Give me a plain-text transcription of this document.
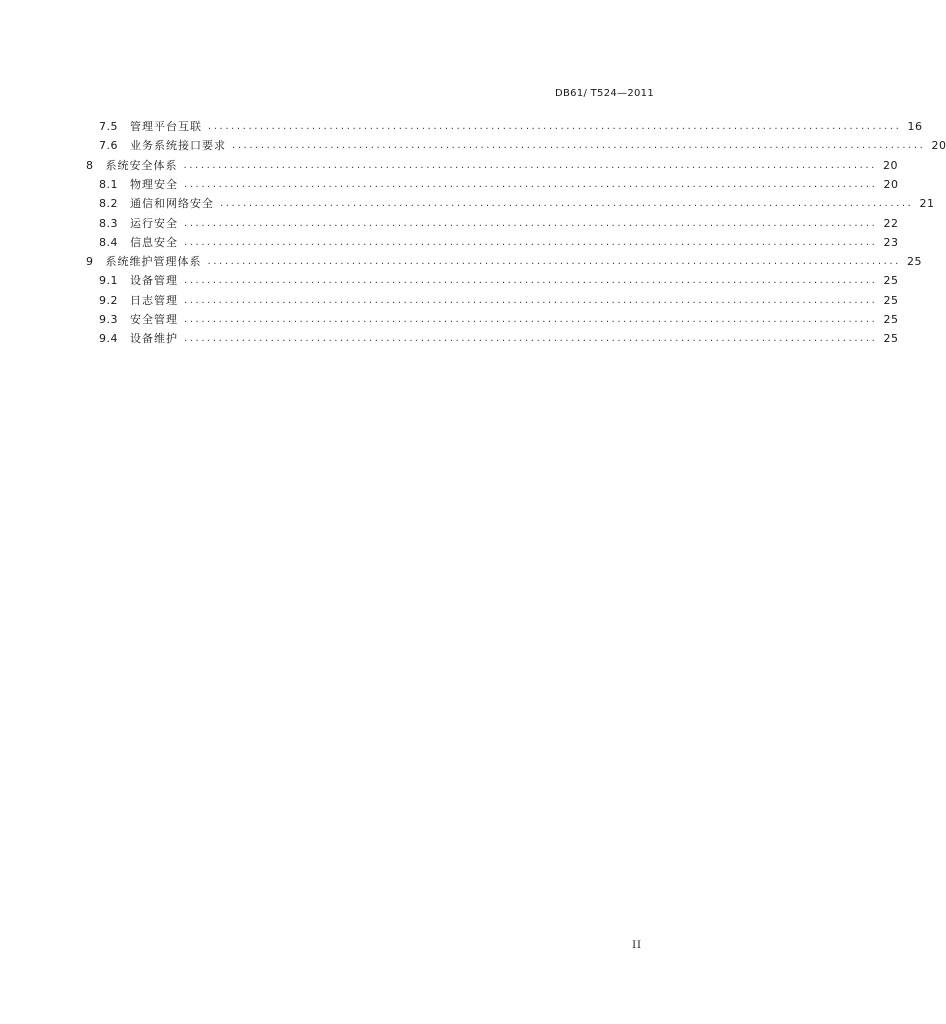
DB61/ T524—2011
7.5 管理平台互联 ........................................................................................................................ 16
7.6 业务系统接口要求 ........................................................................................................................ 20
8 系统安全体系 ........................................................................................................................ 20
8.1 物理安全 ........................................................................................................................ 20
8.2 通信和网络安全 ........................................................................................................................ 21
8.3 运行安全 ........................................................................................................................ 22
8.4 信息安全 ........................................................................................................................ 23
9 系统维护管理体系 ........................................................................................................................ 25
9.1 设备管理 ........................................................................................................................ 25
9.2 日志管理 ........................................................................................................................ 25
9.3 安全管理 ........................................................................................................................ 25
9.4 设备维护 ........................................................................................................................ 25
II
